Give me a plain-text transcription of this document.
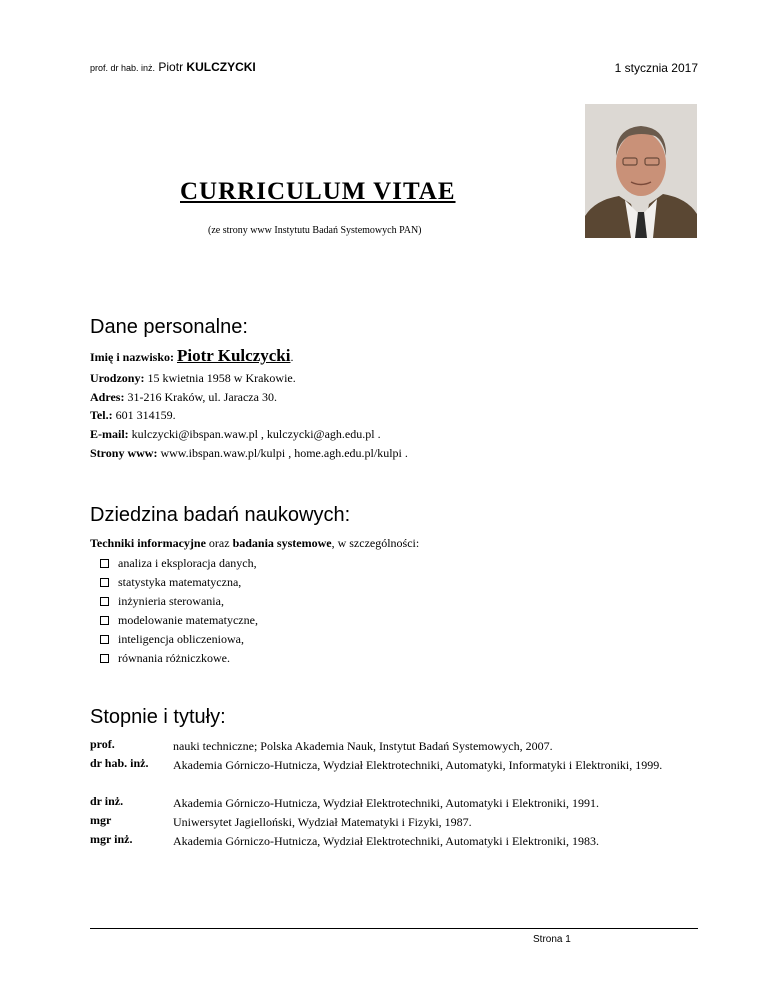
prof. dr hab. inż. Piotr KULCZYCKI	1 stycznia 2017
CURRICULUM VITAE
(ze strony www Instytutu Badań Systemowych PAN)
Dane personalne:
Imię i nazwisko: Piotr Kulczycki.
Urodzony: 15 kwietnia 1958 w Krakowie.
Adres: 31-216 Kraków, ul. Jaracza 30.
Tel.: 601 314159.
E-mail: kulczycki@ibspan.waw.pl , kulczycki@agh.edu.pl .
Strony www: www.ibspan.waw.pl/kulpi , home.agh.edu.pl/kulpi .
Dziedzina badań naukowych:
Techniki informacyjne oraz badania systemowe, w szczególności:
analiza i eksploracja danych,
statystyka matematyczna,
inżynieria sterowania,
modelowanie matematyczne,
inteligencja obliczeniowa,
równania różniczkowe.
Stopnie i tytuły:
prof.	nauki techniczne; Polska Akademia Nauk, Instytut Badań Systemowych, 2007.
dr hab. inż. Akademia Górniczo-Hutnicza, Wydział Elektrotechniki, Automatyki, Informatyki i Elektroniki, 1999.
dr inż.	Akademia Górniczo-Hutnicza, Wydział Elektrotechniki, Automatyki i Elektroniki, 1991.
mgr	Uniwersytet Jagielloński, Wydział Matematyki i Fizyki, 1987.
mgr inż.	Akademia Górniczo-Hutnicza, Wydział Elektrotechniki, Automatyki i Elektroniki, 1983.
Strona 1
